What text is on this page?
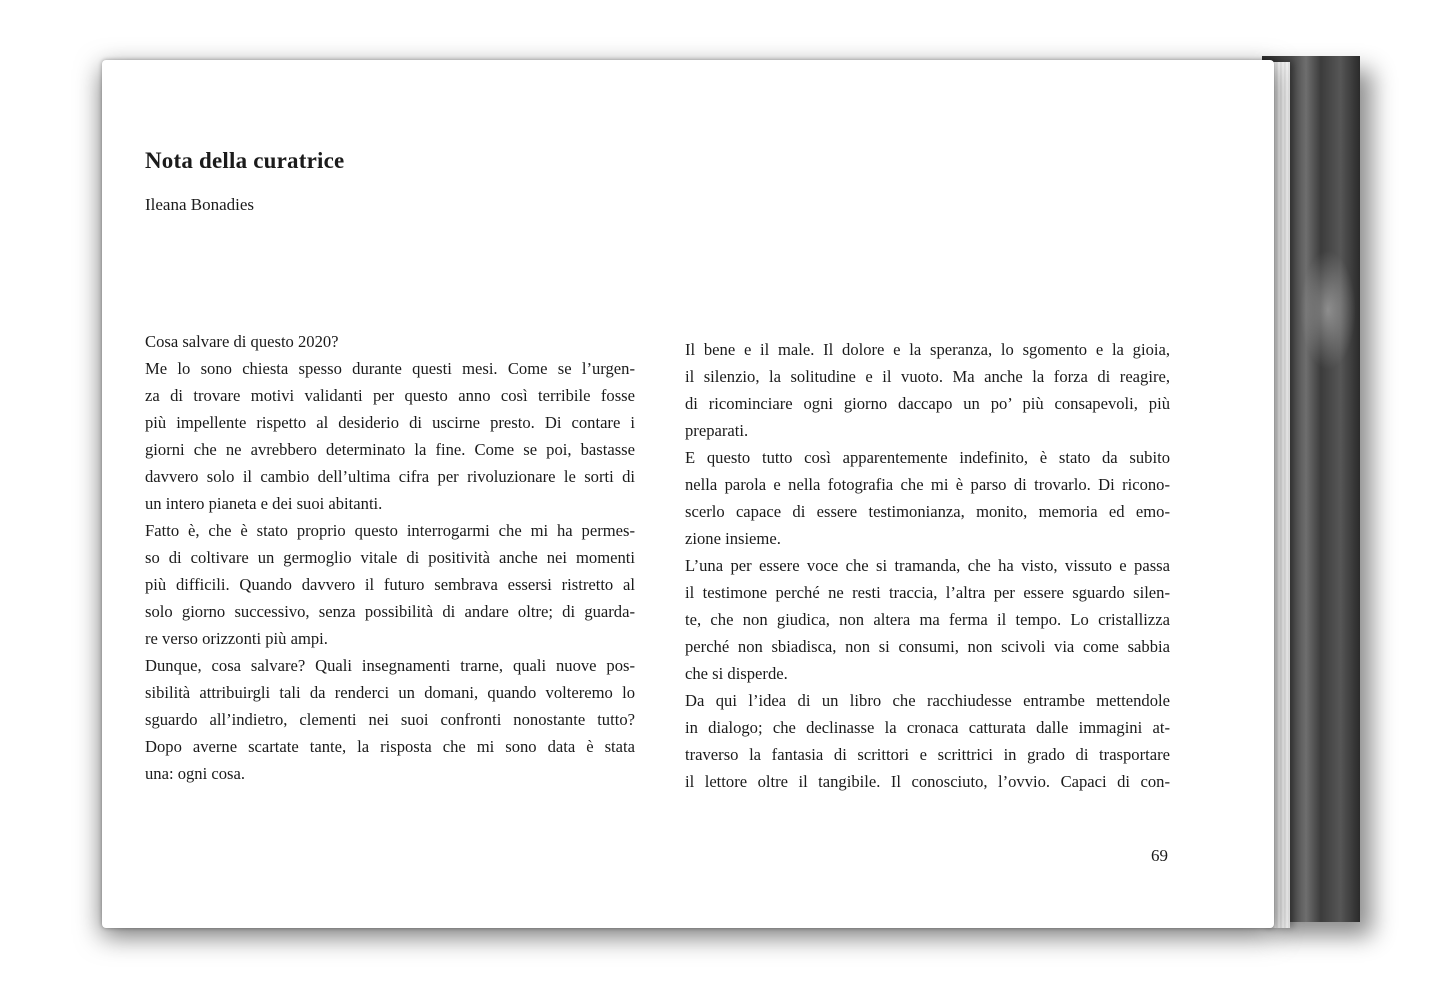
Nota della curatrice
Ileana Bonadies
Cosa salvare di questo 2020?
Me lo sono chiesta spesso durante questi mesi. Come se l’urgen-
za di trovare motivi validanti per questo anno così terribile fosse
più impellente rispetto al desiderio di uscirne presto. Di contare i
giorni che ne avrebbero determinato la fine. Come se poi, bastasse
davvero solo il cambio dell’ultima cifra per rivoluzionare le sorti di
un intero pianeta e dei suoi abitanti.
Fatto è, che è stato proprio questo interrogarmi che mi ha permes-
so di coltivare un germoglio vitale di positività anche nei momenti
più difficili. Quando davvero il futuro sembrava essersi ristretto al
solo giorno successivo, senza possibilità di andare oltre; di guarda-
re verso orizzonti più ampi.
Dunque, cosa salvare? Quali insegnamenti trarne, quali nuove pos-
sibilità attribuirgli tali da renderci un domani, quando volteremo lo
sguardo all’indietro, clementi nei suoi confronti nonostante tutto?
Dopo averne scartate tante, la risposta che mi sono data è stata
una: ogni cosa.
Il bene e il male. Il dolore e la speranza, lo sgomento e la gioia,
il silenzio, la solitudine e il vuoto. Ma anche la forza di reagire,
di ricominciare ogni giorno daccapo un po’ più consapevoli, più
preparati.
E questo tutto così apparentemente indefinito, è stato da subito
nella parola e nella fotografia che mi è parso di trovarlo. Di ricono-
scerlo capace di essere testimonianza, monito, memoria ed emo-
zione insieme.
L’una per essere voce che si tramanda, che ha visto, vissuto e passa
il testimone perché ne resti traccia, l’altra per essere sguardo silen-
te, che non giudica, non altera ma ferma il tempo. Lo cristallizza
perché non sbiadisca, non si consumi, non scivoli via come sabbia
che si disperde.
Da qui l’idea di un libro che racchiudesse entrambe mettendole
in dialogo; che declinasse la cronaca catturata dalle immagini at-
traverso la fantasia di scrittori e scrittrici in grado di trasportare
il lettore oltre il tangibile. Il conosciuto, l’ovvio. Capaci di con-
69
